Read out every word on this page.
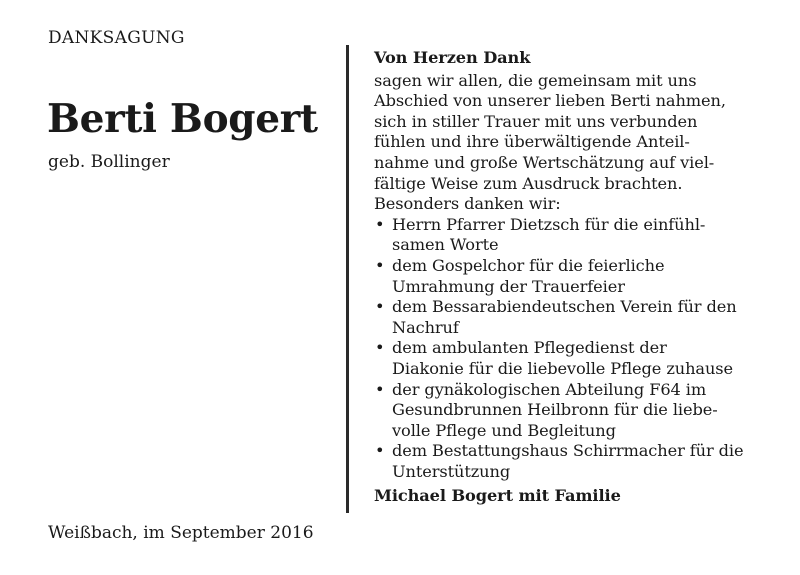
DANKSAGUNG
Berti Bogert
geb. Bollinger
Weißbach, im September 2016
Von Herzen Dank
sagen wir allen, die gemeinsam mit uns
Abschied von unserer lieben Berti nahmen,
sich in stiller Trauer mit uns verbunden
fühlen und ihre überwältigende Anteil-
nahme und große Wertschätzung auf viel-
fältige Weise zum Ausdruck brachten.
Besonders danken wir:
• Herrn Pfarrer Dietzsch für die einfühl-
samen Worte
• dem Gospelchor für die feierliche
Umrahmung der Trauerfeier
• dem Bessarabiendeutschen Verein für den
Nachruf
• dem ambulanten Pflegedienst der
Diakonie für die liebevolle Pflege zuhause
• der gynäkologischen Abteilung F64 im
Gesundbrunnen Heilbronn für die liebe-
volle Pflege und Begleitung
• dem Bestattungshaus Schirrmacher für die
Unterstützung
Michael Bogert mit Familie
